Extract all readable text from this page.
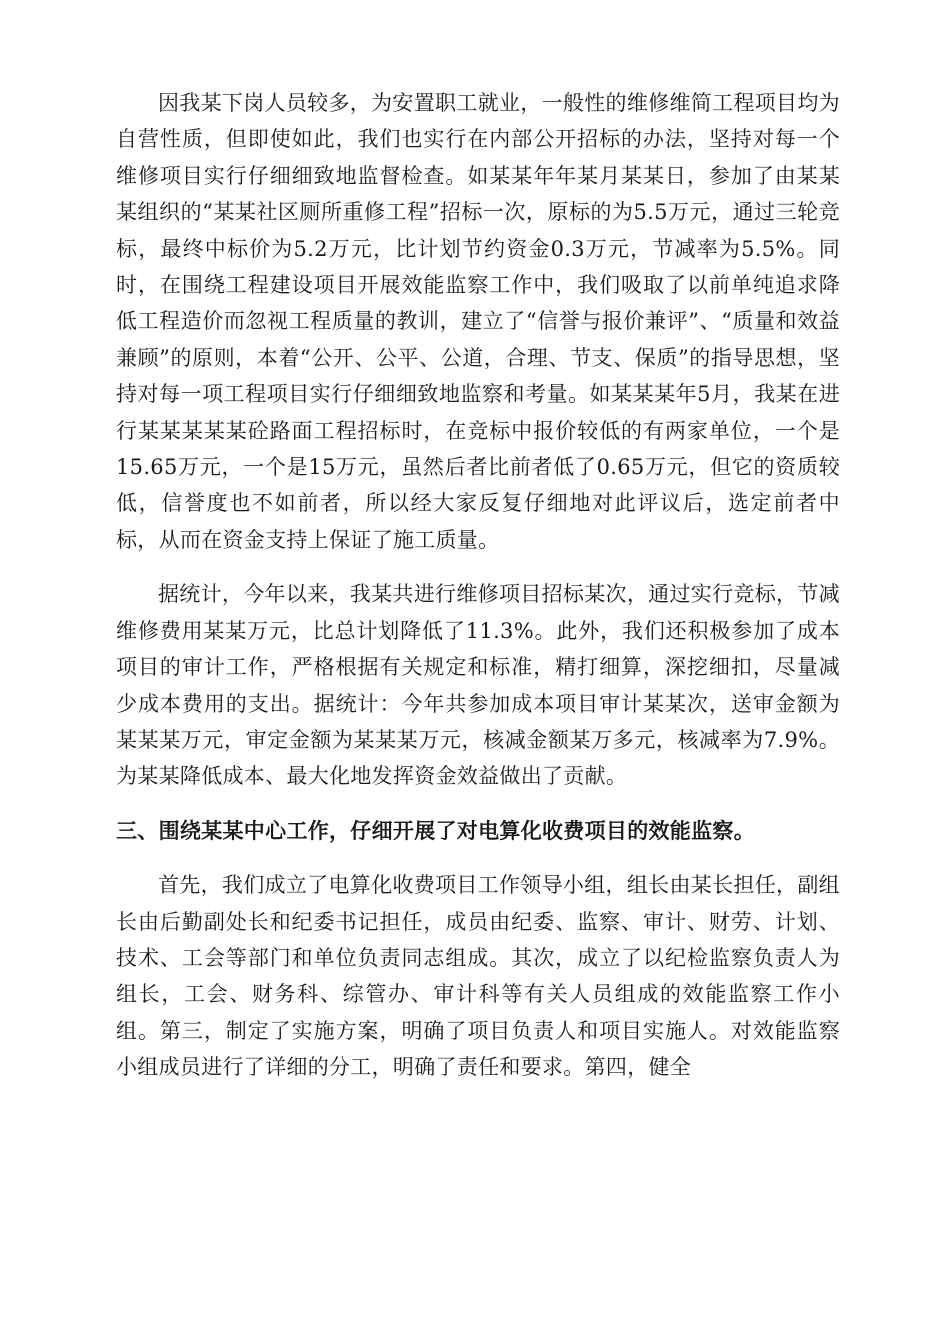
因我某下岗人员较多，为安置职工就业，一般性的维修维简工程项目均为自营性质，但即使如此，我们也实行在内部公开招标的办法，坚持对每一个维修项目实行仔细细致地监督检查。如某某年年某月某某日，参加了由某某某组织的“某某社区厕所重修工程”招标一次，原标的为5.5万元，通过三轮竞标，最终中标价为5.2万元，比计划节约资金0.3万元，节减率为5.5%。同时，在围绕工程建设项目开展效能监察工作中，我们吸取了以前单纯追求降低工程造价而忽视工程质量的教训，建立了“信誉与报价兼评”、“质量和效益兼顾”的原则，本着“公开、公平、公道，合理、节支、保质”的指导思想，坚持对每一项工程项目实行仔细细致地监察和考量。如某某某年5月，我某在进行某某某某某砼路面工程招标时，在竞标中报价较低的有两家单位，一个是15.65万元，一个是15万元，虽然后者比前者低了0.65万元，但它的资质较低，信誉度也不如前者，所以经大家反复仔细地对此评议后，选定前者中标，从而在资金支持上保证了施工质量。

据统计，今年以来，我某共进行维修项目招标某次，通过实行竞标，节减维修费用某某万元，比总计划降低了11.3%。此外，我们还积极参加了成本项目的审计工作，严格根据有关规定和标准，精打细算，深挖细扣，尽量减少成本费用的支出。据统计：今年共参加成本项目审计某某次，送审金额为某某某万元，审定金额为某某某万元，核减金额某万多元，核减率为7.9%。为某某降低成本、最大化地发挥资金效益做出了贡献。

三、围绕某某中心工作，仔细开展了对电算化收费项目的效能监察。

首先，我们成立了电算化收费项目工作领导小组，组长由某长担任，副组长由后勤副处长和纪委书记担任，成员由纪委、监察、审计、财劳、计划、技术、工会等部门和单位负责同志组成。其次，成立了以纪检监察负责人为组长，工会、财务科、综管办、审计科等有关人员组成的效能监察工作小组。第三，制定了实施方案，明确了项目负责人和项目实施人。对效能监察小组成员进行了详细的分工，明确了责任和要求。第四，健全
